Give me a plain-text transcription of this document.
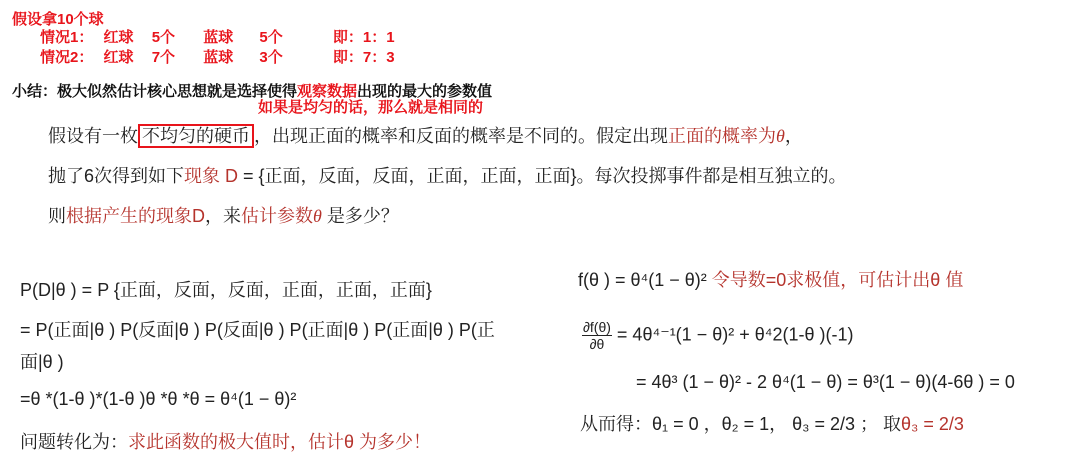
假设拿10个球
情况1： 红球 5个 蓝球 5个	即：1：1
情况2： 红球 7个 蓝球 3个	即：7：3
小结：极大似然估计核心思想就是选择使得观察数据出现的最大的参数值
如果是均匀的话，那么就是相同的
假设有一枚 不均匀的硬币 ，出现正面的概率和反面的概率是不同的。假定出现正面的概率为θ，
抛了6次得到如下现象 D = {正面，反面，反面，正面，正面，正面}。每次投掷事件都是相互独立的。
则根据产生的现象D，来估计参数θ 是多少？
P(D|θ ) = P {正面，反面，反面，正面，正面，正面}
= P(正面|θ ) P(反面|θ ) P(反面|θ ) P(正面|θ ) P(正面|θ ) P(正
面|θ )
=θ *(1-θ )*(1-θ )θ *θ *θ = θ⁴(1 − θ)²
问题转化为：求此函数的极大值时，估计θ 为多少！
f(θ ) = θ⁴(1 − θ)² 令导数=0求极值，可估计出θ 值
$\frac{\partial f(\theta)}{\partial\theta} = 4\theta^{4-1}(1 - \theta)^2 + \theta^42(1-\theta$ )(-1)
= 4θ³ (1 − θ)² - 2 θ⁴(1 − θ) = θ³(1 − θ)(4-6θ ) = 0
从而得：θ₁ = 0 ，θ₂ = 1， θ₃ = 2/3 ； 取θ₃ = 2/3
